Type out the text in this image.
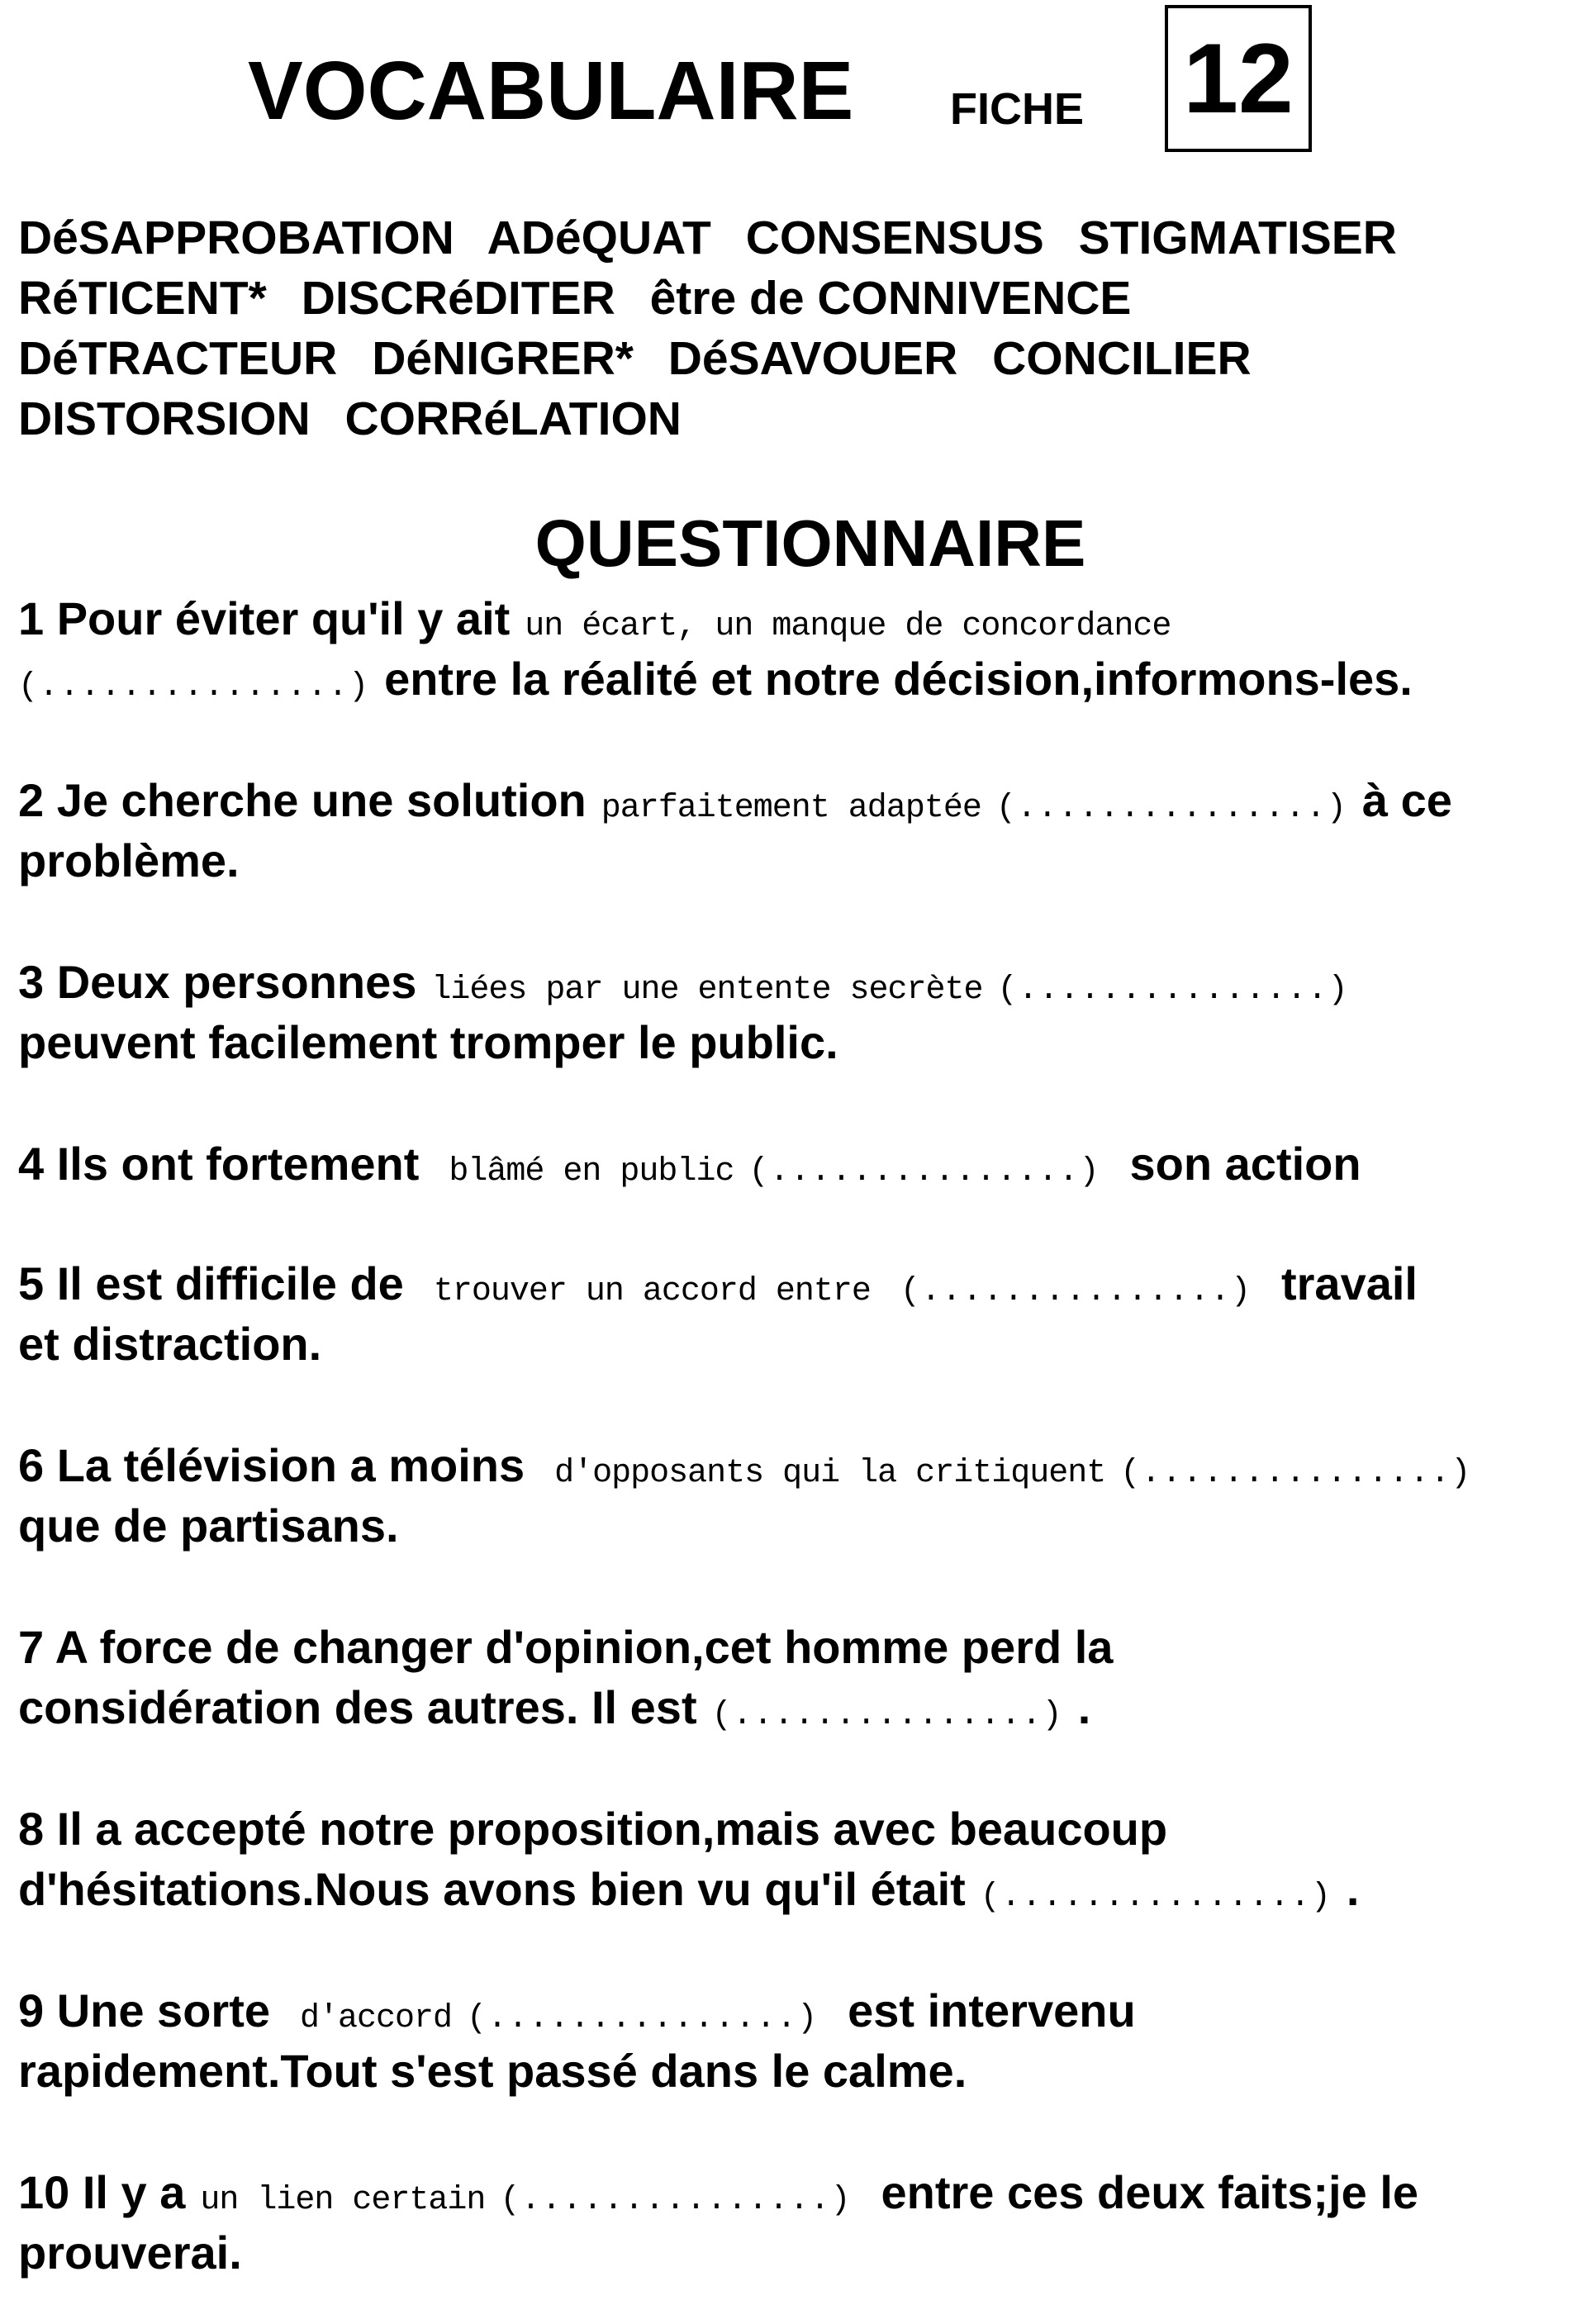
VOCABULAIRE FICHE 12
DéSAPPROBATION ADéQUAT CONSENSUS STIGMATISER
RéTICENT* DISCRéDITER être de CONNIVENCE
DéTRACTEUR DéNIGRER* DéSAVOUER CONCILIER
DISTORSION CORRéLATION
QUESTIONNAIRE
1 Pour éviter qu'il y ait un écart, un manque de concordance
(...............) entre la réalité et notre décision,informons-les.
2 Je cherche une solution parfaitement adaptée (...............) à ce
problème.
3 Deux personnes liées par une entente secrète (...............)
peuvent facilement tromper le public.
4 Ils ont fortement blâmé en public (...............) son action
5 Il est difficile de trouver un accord entre (...............) travail
et distraction.
6 La télévision a moins d'opposants qui la critiquent (...............)
que de partisans.
7 A force de changer d'opinion,cet homme perd la
considération des autres. Il est (...............) .
8 Il a accepté notre proposition,mais avec beaucoup
d'hésitations.Nous avons bien vu qu'il était (...............) .
9 Une sorte d'accord (...............) est intervenu
rapidement.Tout s'est passé dans le calme.
10 Il y a un lien certain (...............) entre ces deux faits;je le
prouverai.
